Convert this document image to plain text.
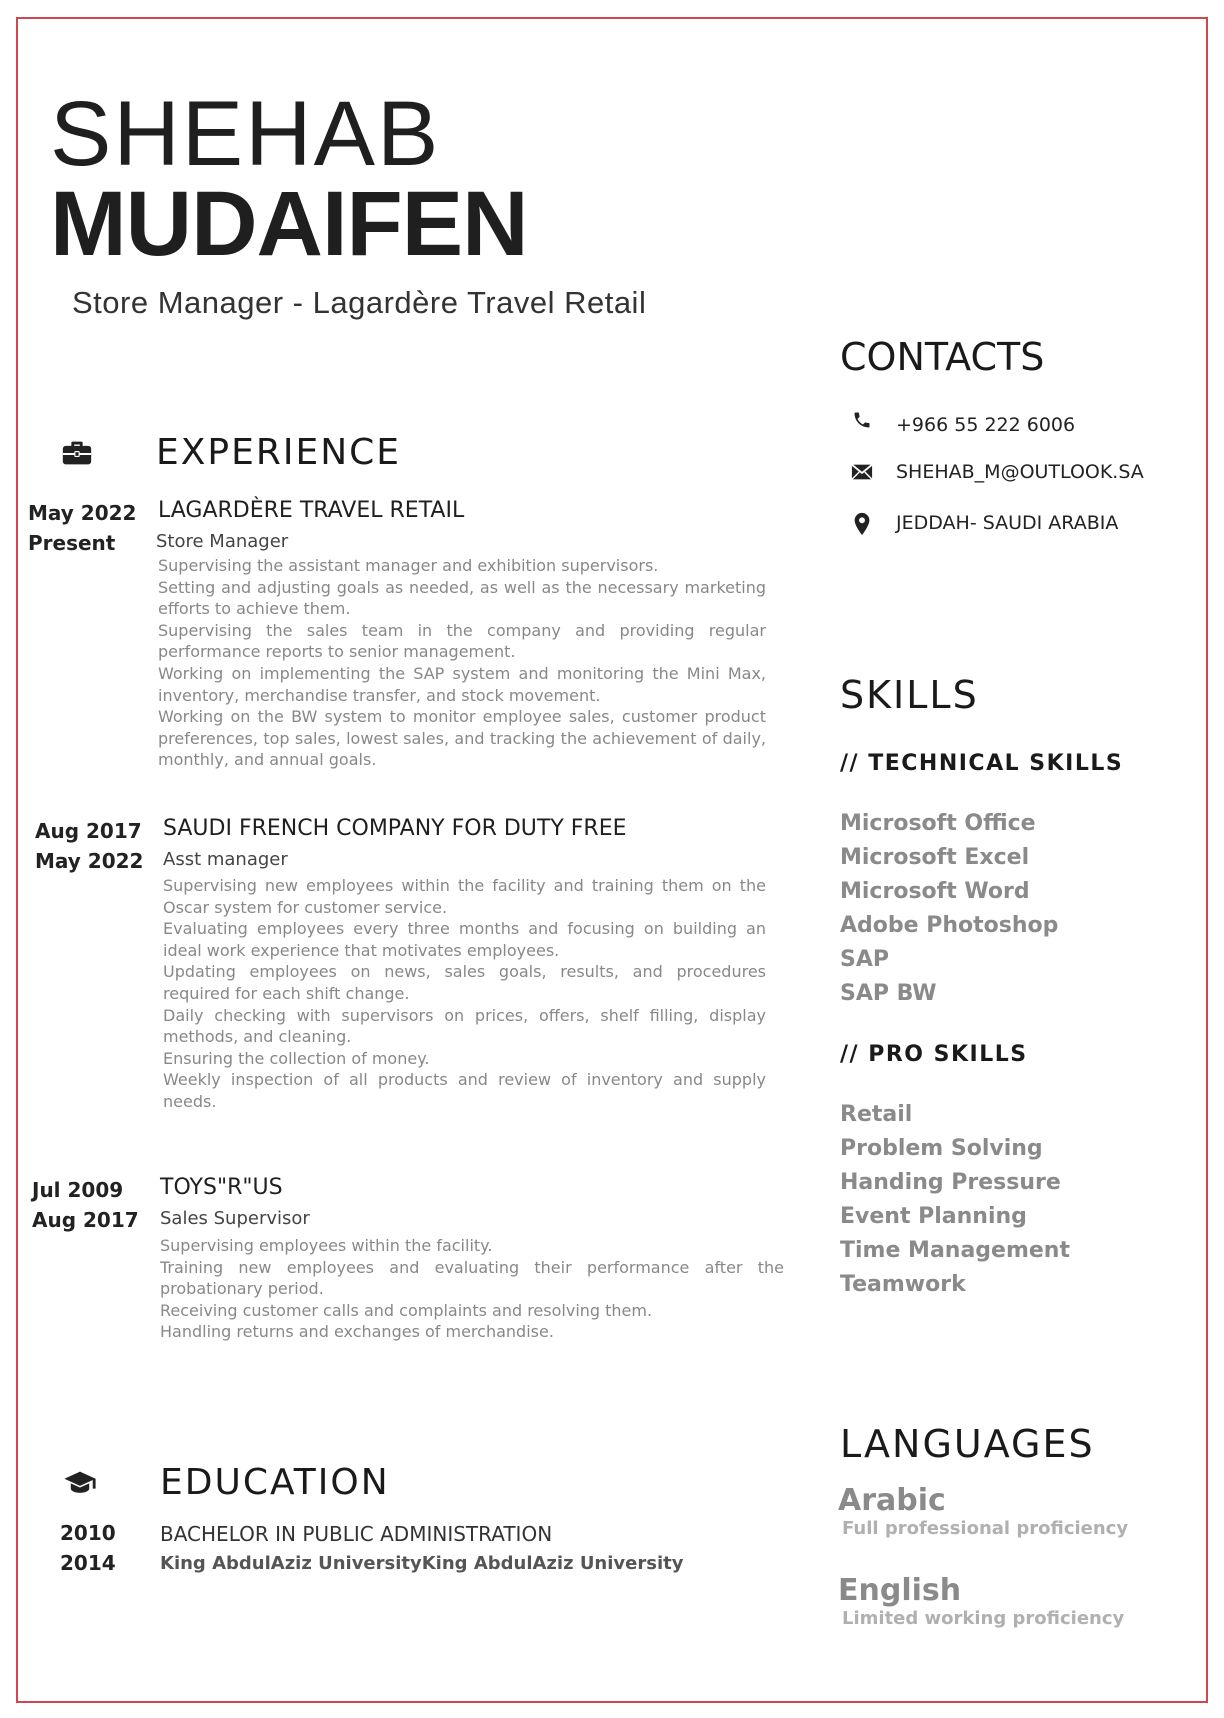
SHEHAB
MUDAIFEN
Store Manager - Lagardère Travel Retail
EXPERIENCE
May 2022
Present
LAGARDÈRE TRAVEL RETAIL
Store Manager

Supervising the assistant manager and exhibition supervisors.

Setting and adjusting goals as needed, as well as the necessary marketing efforts to achieve them.

Supervising the sales team in the company and providing regular performance reports to senior management.

Working on implementing the SAP system and monitoring the Mini Max, inventory, merchandise transfer, and stock movement.

Working on the BW system to monitor employee sales, customer product preferences, top sales, lowest sales, and tracking the achievement of daily, monthly, and annual goals.

Aug 2017
May 2022
SAUDI FRENCH COMPANY FOR DUTY FREE
Asst manager

Supervising new employees within the facility and training them on the Oscar system for customer service.

Evaluating employees every three months and focusing on building an ideal work experience that motivates employees.

Updating employees on news, sales goals, results, and procedures required for each shift change.

Daily checking with supervisors on prices, offers, shelf filling, display methods, and cleaning.

Ensuring the collection of money.

Weekly inspection of all products and review of inventory and supply needs.

Jul 2009
Aug 2017
TOYS"R"US
Sales Supervisor

Supervising employees within the facility.

Training new employees and evaluating their performance after the probationary period.

Receiving customer calls and complaints and resolving them.

Handling returns and exchanges of merchandise.

EDUCATION
2010
2014
BACHELOR IN PUBLIC ADMINISTRATION
King AbdulAziz UniversityKing AbdulAziz University
CONTACTS
+966 55 222 6006
SHEHAB_M@OUTLOOK.SA
JEDDAH- SAUDI ARABIA
SKILLS
// TECHNICAL SKILLS
Microsoft Office
Microsoft Excel
Microsoft Word
Adobe Photoshop
SAP
SAP BW
// PRO SKILLS
Retail
Problem Solving
Handing Pressure
Event Planning
Time Management
Teamwork
LANGUAGES
Arabic
Full professional proficiency
English
Limited working proficiency
